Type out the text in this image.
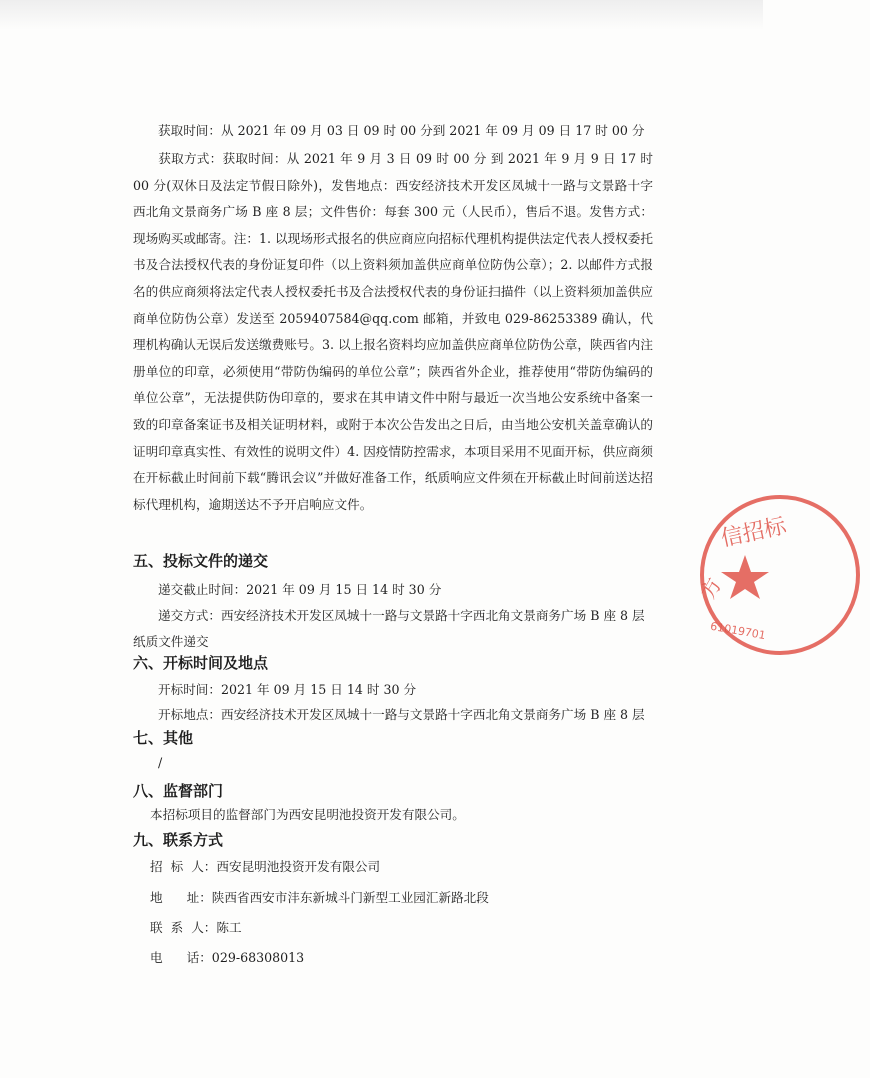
获取时间：从 2021 年 09 月 03 日 09 时 00 分到 2021 年 09 月 09 日 17 时 00 分

获取方式：获取时间：从 2021 年 9 月 3 日 09 时 00 分 到 2021 年 9 月 9 日 17 时 00 分(双休日及法定节假日除外)，发售地点：西安经济技术开发区凤城十一路与文景路十字西北角文景商务广场 B 座 8 层；文件售价：每套 300 元（人民币），售后不退。发售方式：现场购买或邮寄。注：1. 以现场形式报名的供应商应向招标代理机构提供法定代表人授权委托书及合法授权代表的身份证复印件（以上资料须加盖供应商单位防伪公章）；2. 以邮件方式报名的供应商须将法定代表人授权委托书及合法授权代表的身份证扫描件（以上资料须加盖供应商单位防伪公章）发送至 2059407584@qq.com 邮箱，并致电 029-86253389 确认，代理机构确认无误后发送缴费账号。3. 以上报名资料均应加盖供应商单位防伪公章，陕西省内注册单位的印章，必须使用“带防伪编码的单位公章”；陕西省外企业，推荐使用“带防伪编码的单位公章”，无法提供防伪印章的，要求在其申请文件中附与最近一次当地公安系统中备案一致的印章备案证书及相关证明材料，或附于本次公告发出之日后，由当地公安机关盖章确认的证明印章真实性、有效性的说明文件）4. 因疫情防控需求，本项目采用不见面开标，供应商须在开标截止时间前下载“腾讯会议”并做好准备工作，纸质响应文件须在开标截止时间前送达招标代理机构，逾期送达不予开启响应文件。

五、投标文件的递交

递交截止时间：2021 年 09 月 15 日 14 时 30 分

递交方式：西安经济技术开发区凤城十一路与文景路十字西北角文景商务广场 B 座 8 层

纸质文件递交

六、开标时间及地点

开标时间：2021 年 09 月 15 日 14 时 30 分

开标地点：西安经济技术开发区凤城十一路与文景路十字西北角文景商务广场 B 座 8 层

七、其他

/

八、监督部门

本招标项目的监督部门为西安昆明池投资开发有限公司。

九、联系方式

招  标  人：西安昆明池投资开发有限公司

地      址：陕西省西安市沣东新城斗门新型工业园汇新路北段

联  系  人：陈工

电      话：029-68308013

信招标
方
61019701
